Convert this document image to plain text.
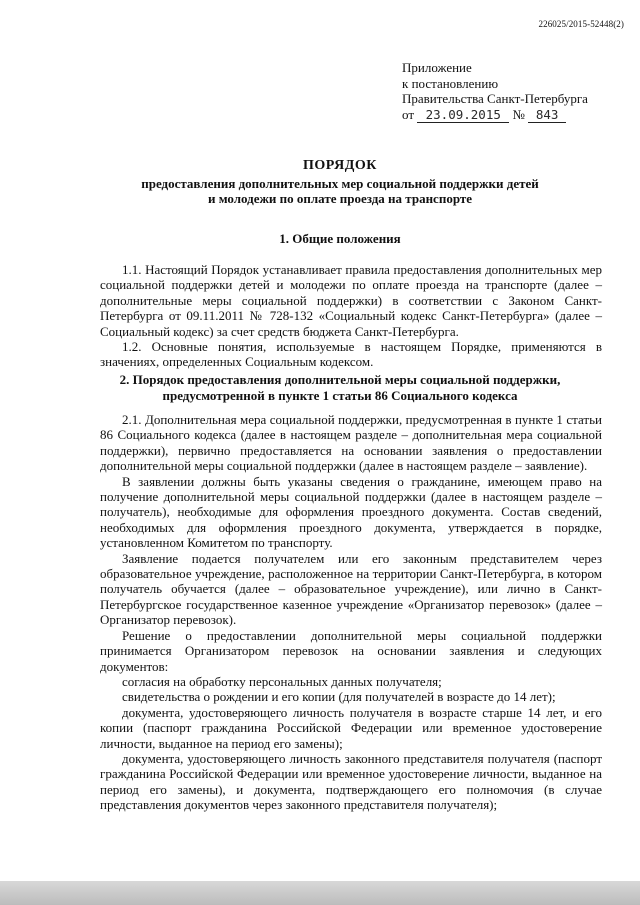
226025/2015-52448(2)
Приложение
к постановлению
Правительства Санкт-Петербурга
от 23.09.2015 № 843
ПОРЯДОК
предоставления дополнительных мер социальной поддержки детей
и молодежи по оплате проезда на транспорте
1. Общие положения

1.1. Настоящий Порядок устанавливает правила предоставления дополнительных мер социальной поддержки детей и молодежи по оплате проезда на транспорте (далее – дополнительные меры социальной поддержки) в соответствии с Законом Санкт-Петербурга от 09.11.2011 № 728-132 «Социальный кодекс Санкт-Петербурга» (далее – Социальный кодекс) за счет средств бюджета Санкт-Петербурга.

1.2. Основные понятия, используемые в настоящем Порядке, применяются в значениях, определенных Социальным кодексом.

2. Порядок предоставления дополнительной меры социальной поддержки,
предусмотренной в пункте 1 статьи 86 Социального кодекса

2.1. Дополнительная мера социальной поддержки, предусмотренная в пункте 1 статьи 86 Социального кодекса (далее в настоящем разделе – дополнительная мера социальной поддержки), первично предоставляется на основании заявления о предоставлении дополнительной меры социальной поддержки (далее в настоящем разделе – заявление).

В заявлении должны быть указаны сведения о гражданине, имеющем право на получение дополнительной меры социальной поддержки (далее в настоящем разделе – получатель), необходимые для оформления проездного документа. Состав сведений, необходимых для оформления проездного документа, утверждается в порядке, установленном Комитетом по транспорту.

Заявление подается получателем или его законным представителем через образовательное учреждение, расположенное на территории Санкт-Петербурга, в котором получатель обучается (далее – образовательное учреждение), или лично в Санкт-Петербургское государственное казенное учреждение «Организатор перевозок» (далее – Организатор перевозок).

Решение о предоставлении дополнительной меры социальной поддержки принимается Организатором перевозок на основании заявления и следующих документов:

согласия на обработку персональных данных получателя;

свидетельства о рождении и его копии (для получателей в возрасте до 14 лет);

документа, удостоверяющего личность получателя в возрасте старше 14 лет, и его копии (паспорт гражданина Российской Федерации или временное удостоверение личности, выданное на период его замены);

документа, удостоверяющего личность законного представителя получателя (паспорт гражданина Российской Федерации или временное удостоверение личности, выданное на период его замены), и документа, подтверждающего его полномочия (в случае представления документов через законного представителя получателя);
